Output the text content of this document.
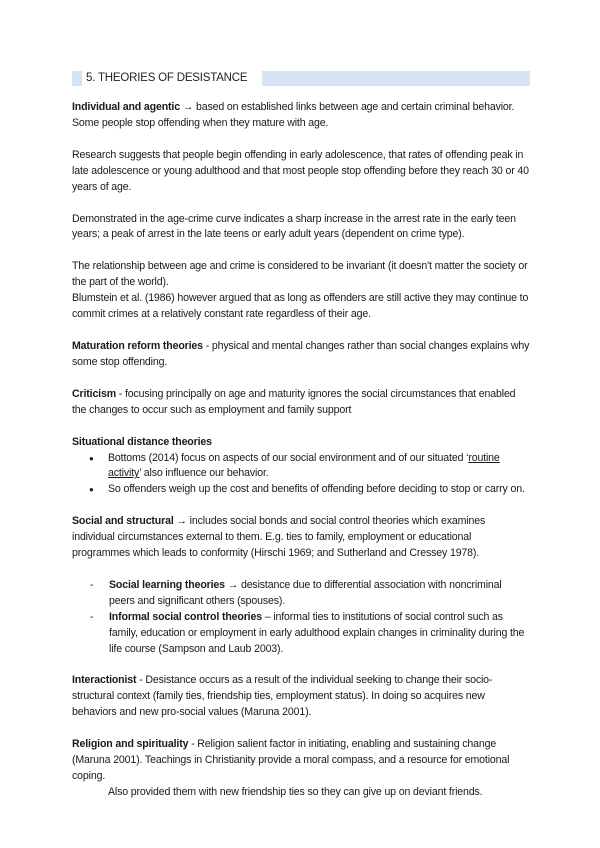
5. THEORIES OF DESISTANCE

Individual and agentic → based on established links between age and certain criminal behavior. Some people stop offending when they mature with age.

Research suggests that people begin offending in early adolescence, that rates of offending peak in late adolescence or young adulthood and that most people stop offending before they reach 30 or 40 years of age.

Demonstrated in the age-crime curve indicates a sharp increase in the arrest rate in the early teen years; a peak of arrest in the late teens or early adult years (dependent on crime type).

The relationship between age and crime is considered to be invariant (it doesn't matter the society or the part of the world).

Blumstein et al. (1986) however argued that as long as offenders are still active they may continue to commit crimes at a relatively constant rate regardless of their age.

Maturation reform theories - physical and mental changes rather than social changes explains why some stop offending.

Criticism - focusing principally on age and maturity ignores the social circumstances that enabled the changes to occur such as employment and family support

Situational distance theories

● Bottoms (2014) focus on aspects of our social environment and of our situated ‘routine activity’ also influence our behavior.
● So offenders weigh up the cost and benefits of offending before deciding to stop or carry on.

Social and structural → includes social bonds and social control theories which examines individual circumstances external to them. E.g. ties to family, employment or educational programmes which leads to conformity (Hirschi 1969; and Sutherland and Cressey 1978).

- Social learning theories → desistance due to differential association with noncriminal peers and significant others (spouses).
- Informal social control theories – informal ties to institutions of social control such as family, education or employment in early adulthood explain changes in criminality during the life course (Sampson and Laub 2003).

Interactionist - Desistance occurs as a result of the individual seeking to change their socio-structural context (family ties, friendship ties, employment status). In doing so acquires new behaviors and new pro-social values (Maruna 2001).

Religion and spirituality - Religion salient factor in initiating, enabling and sustaining change (Maruna 2001). Teachings in Christianity provide a moral compass, and a resource for emotional coping.

Also provided them with new friendship ties so they can give up on deviant friends.
